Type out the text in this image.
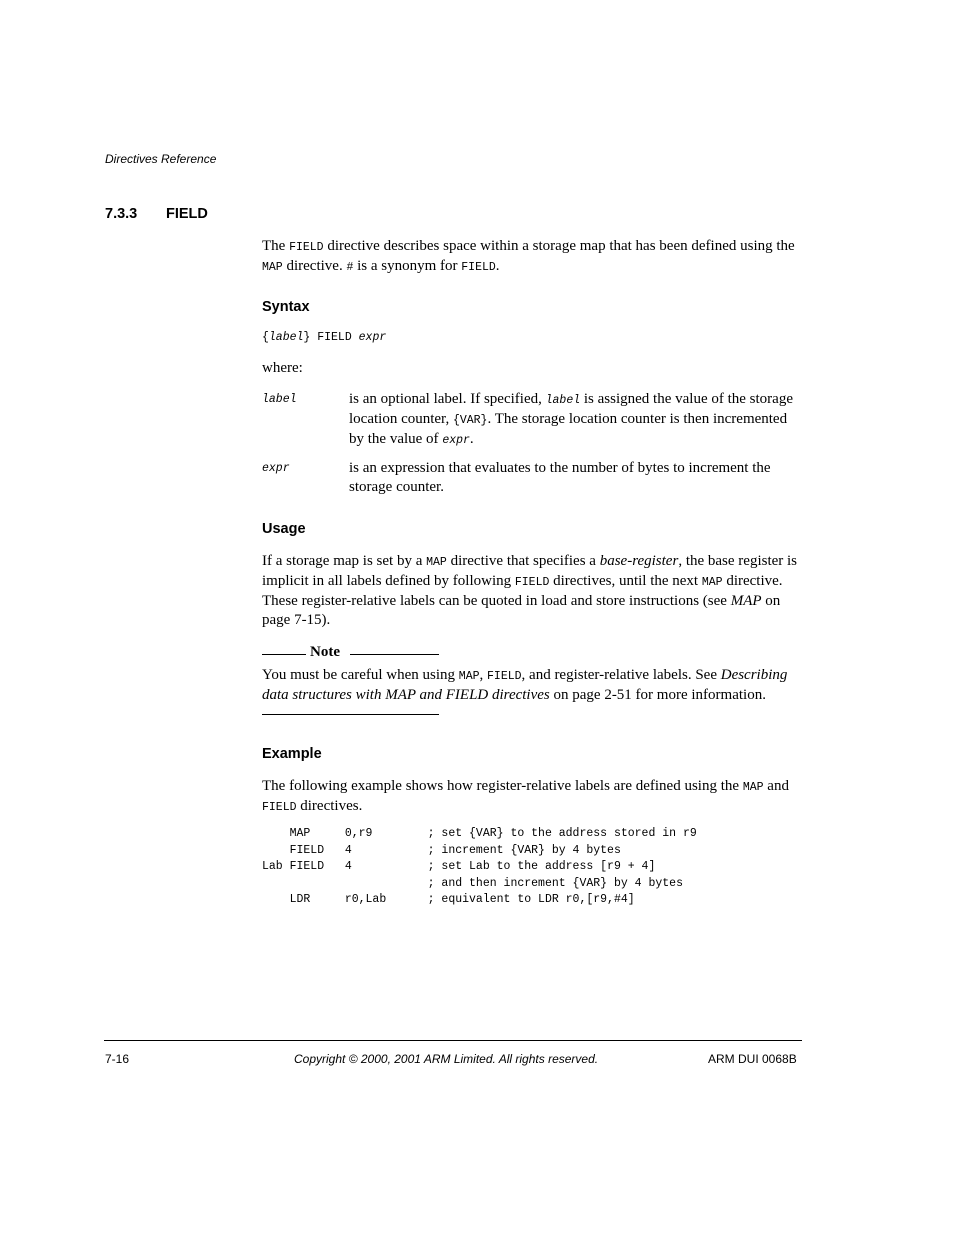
Directives Reference
7.3.3 FIELD
The FIELD directive describes space within a storage map that has been defined using the MAP directive. # is a synonym for FIELD.
Syntax
{label} FIELD expr
where:
label	is an optional label. If specified, label is assigned the value of the storage location counter, {VAR}. The storage location counter is then incremented by the value of expr.
expr	is an expression that evaluates to the number of bytes to increment the storage counter.
Usage
If a storage map is set by a MAP directive that specifies a base-register, the base register is implicit in all labels defined by following FIELD directives, until the next MAP directive. These register-relative labels can be quoted in load and store instructions (see MAP on page 7-15).
Note
You must be careful when using MAP, FIELD, and register-relative labels. See Describing data structures with MAP and FIELD directives on page 2-51 for more information.
Example
The following example shows how register-relative labels are defined using the MAP and FIELD directives.
MAP     0,r9        ; set {VAR} to the address stored in r9
FIELD   4           ; increment {VAR} by 4 bytes
Lab FIELD   4           ; set Lab to the address [r9 + 4]
; and then increment {VAR} by 4 bytes
LDR     r0,Lab      ; equivalent to LDR r0,[r9,#4]
7-16	Copyright © 2000, 2001 ARM Limited. All rights reserved.	ARM DUI 0068B
